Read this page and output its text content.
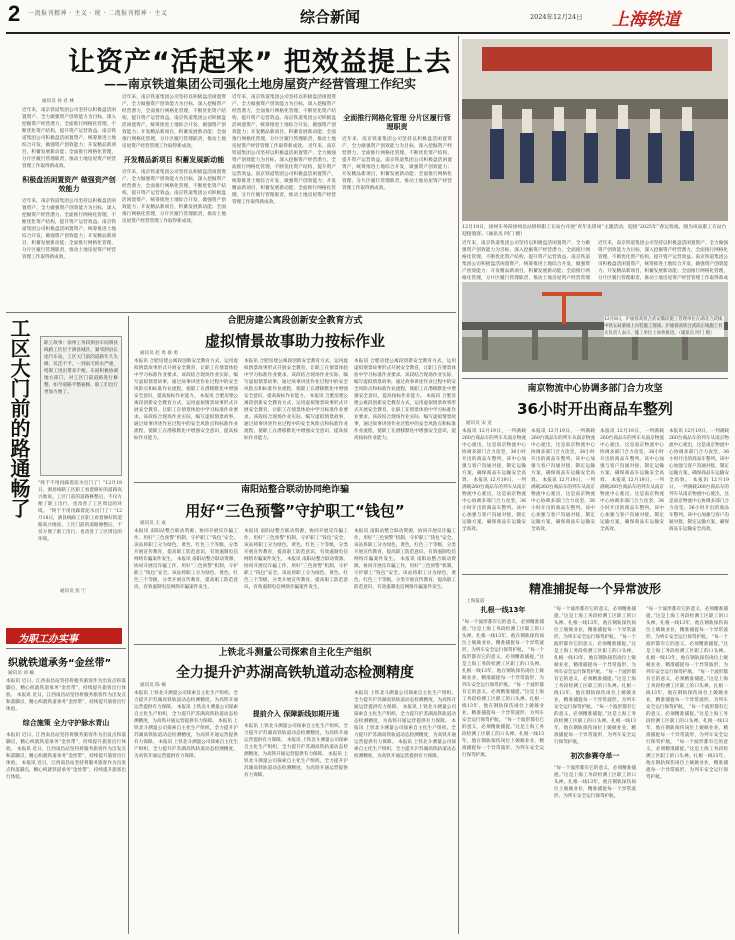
2 一流报刊精神 · 主义 · 统 · 二流报刊精神 · 主义	综合新闻	2024年12月24日 上海铁道
让资产“活起来” 把效益提上去
——南京铁道集团公司强化土地房屋资产经营管理工作纪实
通讯员 孙 君 林
近年来，南京铁道集团公司坚持以积极盘活闲置资产、全力做强资产创效能力为目标，深入挖掘资产经营潜力，全面推行网格化管理，不断优化资产结构，提升资产运营效益。南京铁道集团公司积极盘活闲置资产，统筹推进土地综合开发，做强资产创效能力；开发精品新项目，积蓄发展新动能；全面推行网格化管理，分片区履行管理职责，推动土地房屋资产经营管理工作取得新成效。
积极盘活闲置资产 做强资产创效能力
近年来，南京铁道集团公司坚持以积极盘活闲置资产、全力做强资产创效能力为目标，深入挖掘资产经营潜力，全面推行网格化管理，不断优化资产结构，提升资产运营效益。南京铁道集团公司积极盘活闲置资产，统筹推进土地综合开发，做强资产创效能力；开发精品新项目，积蓄发展新动能；全面推行网格化管理，分片区履行管理职责，推动土地房屋资产经营管理工作取得新成效。
近年来，南京铁道集团公司坚持以积极盘活闲置资产、全力做强资产创效能力为目标，深入挖掘资产经营潜力，全面推行网格化管理，不断优化资产结构，提升资产运营效益。南京铁道集团公司积极盘活闲置资产，统筹推进土地综合开发，做强资产创效能力；开发精品新项目，积蓄发展新动能；全面推行网格化管理，分片区履行管理职责，推动土地房屋资产经营管理工作取得新成效。
开发精品新项目 积蓄发展新动能
近年来，南京铁道集团公司坚持以积极盘活闲置资产、全力做强资产创效能力为目标，深入挖掘资产经营潜力，全面推行网格化管理，不断优化资产结构，提升资产运营效益。南京铁道集团公司积极盘活闲置资产，统筹推进土地综合开发，做强资产创效能力；开发精品新项目，积蓄发展新动能；全面推行网格化管理，分片区履行管理职责，推动土地房屋资产经营管理工作取得新成效。
近年来，南京铁道集团公司坚持以积极盘活闲置资产、全力做强资产创效能力为目标，深入挖掘资产经营潜力，全面推行网格化管理，不断优化资产结构，提升资产运营效益。南京铁道集团公司积极盘活闲置资产，统筹推进土地综合开发，做强资产创效能力；开发精品新项目，积蓄发展新动能；全面推行网格化管理，分片区履行管理职责，推动土地房屋资产经营管理工作取得新成效。 近年来，南京铁道集团公司坚持以积极盘活闲置资产、全力做强资产创效能力为目标，深入挖掘资产经营潜力，全面推行网格化管理，不断优化资产结构，提升资产运营效益。南京铁道集团公司积极盘活闲置资产，统筹推进土地综合开发，做强资产创效能力；开发精品新项目，积蓄发展新动能；全面推行网格化管理，分片区履行管理职责，推动土地房屋资产经营管理工作取得新成效。
全面推行网格化管理 分片区履行管理职责
近年来，南京铁道集团公司坚持以积极盘活闲置资产、全力做强资产创效能力为目标，深入挖掘资产经营潜力，全面推行网格化管理，不断优化资产结构，提升资产运营效益。南京铁道集团公司积极盘活闲置资产，统筹推进土地综合开发，做强资产创效能力；开发精品新项目，积蓄发展新动能；全面推行网格化管理，分片区履行管理职责，推动土地房屋资产经营管理工作取得新成效。
12月19日，徐州车务段徐州北站组织职工在站台开展“青年先锋岗”主题活动，迎接“2025年”春运客流。图为该站职工在站台迎接旅客。（通讯员 阿门 摄）
近年来，南京铁道集团公司坚持以积极盘活闲置资产、全力做强资产创效能力为目标，深入挖掘资产经营潜力，全面推行网格化管理，不断优化资产结构，提升资产运营效益。南京铁道集团公司积极盘活闲置资产，统筹推进土地综合开发，做强资产创效能力；开发精品新项目，积蓄发展新动能；全面推行网格化管理，分片区履行管理职责，推动土地房屋资产经营管理
近年来，南京铁道集团公司坚持以积极盘活闲置资产、全力做强资产创效能力为目标，深入挖掘资产经营潜力，全面推行网格化管理，不断优化资产结构，提升资产运营效益。南京铁道集团公司积极盘活闲置资产，统筹推进土地综合开发，做强资产创效能力；开发精品新项目，积蓄发展新动能；全面推行网格化管理，分片区履行管理职责，推动土地房屋资产经营管理工作取得新成
12月8日，沪渝蓉高铁合武安徽段施工管理单位在湖北合武线中铁五局梁场上吊装施工现场。沪渝蓉高铁合武段正线施工有关负责人表示，施工单位上加快推进。（通讯员 阿门 摄）
工区大门前的路通畅了	职工故事：徐州工务段泗县车间泗县线路工区位于泗县城区，紧邻泗县长途汽车站，工区大门前的道路年久失修、坑洼不平，一到雨天积水严重，给职工进出带来不便。车间积极协调地方部门，对工区门前道路进行修整，如今道路平整通畅，职工们出行更加方便了。
“终于不用再踩着泥水出门了！”12月18日，泗县线路工区职工看着修好的道路高兴地说。工区门前的道路修整后，不仅方便了职工出行，也改善了工区周边的环境。 “终于不用再踩着泥水出门了！”12月18日，泗县线路工区职工看着修好的道路高兴地说。工区门前的道路修整后，不仅方便了职工出行，也改善了工区周边的环境。
通讯员 张 宁
为职工办实事
合肥房建公寓段创新安全教育方式
虚拟情景故事助力按标作业
通讯员 赵 勇 蔡 勇
本报讯 合肥房建公寓段创新安全教育方式，运用虚拟情景故事形式开展安全教育，让职工在情景体验中学习标准作业要求。该段结合现场作业实际，编写虚拟情景故事，通过故事讲述作业过程中的安全风险点和标准作业流程，使职工在潜移默化中增强安全意识，提高按标作业能力。 本报讯 合肥房建公寓段创新安全教育方式，运用虚拟情景故事形式开展安全教育，让职工在情景体验中学习标准作业要求。该段结合现场作业实际，编写虚拟情景故事，通过故事讲述作业过程中的安全风险点和标准作业流程，使职工在潜移默化中增强安全意识，提高按标作业能力。
本报讯 合肥房建公寓段创新安全教育方式，运用虚拟情景故事形式开展安全教育，让职工在情景体验中学习标准作业要求。该段结合现场作业实际，编写虚拟情景故事，通过故事讲述作业过程中的安全风险点和标准作业流程，使职工在潜移默化中增强安全意识，提高按标作业能力。 本报讯 合肥房建公寓段创新安全教育方式，运用虚拟情景故事形式开展安全教育，让职工在情景体验中学习标准作业要求。该段结合现场作业实际，编写虚拟情景故事，通过故事讲述作业过程中的安全风险点和标准作业流程，使职工在潜移默化中增强安全意识，提高按标作业能力。
本报讯 合肥房建公寓段创新安全教育方式，运用虚拟情景故事形式开展安全教育，让职工在情景体验中学习标准作业要求。该段结合现场作业实际，编写虚拟情景故事，通过故事讲述作业过程中的安全风险点和标准作业流程，使职工在潜移默化中增强安全意识，提高按标作业能力。 本报讯 合肥房建公寓段创新安全教育方式，运用虚拟情景故事形式开展安全教育，让职工在情景体验中学习标准作业要求。该段结合现场作业实际，编写虚拟情景故事，通过故事讲述作业过程中的安全风险点和标准作业流程，使职工在潜移默化中增强安全意识，提高按标作业能力。
南阳站整合联动协同绝诈骗
用好“三色预警”守护职工“钱包”
通讯员 王 成
本报讯 南阳站整合联动资源，协同开展反诈骗工作，用好“三色预警”机制，守护职工“钱包”安全。该站将职工分为绿色、黄色、红色三个等级，分类开展宣传教育，提高职工防范意识，有效遏制电信网络诈骗案件发生。 本报讯 南阳站整合联动资源，协同开展反诈骗工作，用好“三色预警”机制，守护职工“钱包”安全。该站将职工分为绿色、黄色、红色三个等级，分类开展宣传教育，提高职工防范意识，有效遏制电信网络诈骗案件发生。
本报讯 南阳站整合联动资源，协同开展反诈骗工作，用好“三色预警”机制，守护职工“钱包”安全。该站将职工分为绿色、黄色、红色三个等级，分类开展宣传教育，提高职工防范意识，有效遏制电信网络诈骗案件发生。 本报讯 南阳站整合联动资源，协同开展反诈骗工作，用好“三色预警”机制，守护职工“钱包”安全。该站将职工分为绿色、黄色、红色三个等级，分类开展宣传教育，提高职工防范意识，有效遏制电信网络诈骗案件发生。
本报讯 南阳站整合联动资源，协同开展反诈骗工作，用好“三色预警”机制，守护职工“钱包”安全。该站将职工分为绿色、黄色、红色三个等级，分类开展宣传教育，提高职工防范意识，有效遏制电信网络诈骗案件发生。 本报讯 南阳站整合联动资源，协同开展反诈骗工作，用好“三色预警”机制，守护职工“钱包”安全。该站将职工分为绿色、黄色、红色三个等级，分类开展宣传教育，提高职工防范意识，有效遏制电信网络诈骗案件发生。
上铁北斗测量公司探索自主化生产组织
全力提升沪苏湖高铁轨道动态检测精度
通讯员 陈 楠
本报讯 上铁北斗测量公司探索自主化生产组织，全力提升沪苏湖高铁轨道动态检测精度，为高铁开通运营提供有力保障。 本报讯 上铁北斗测量公司探索自主化生产组织，全力提升沪苏湖高铁轨道动态检测精度，为高铁开通运营提供有力保障。 本报讯 上铁北斗测量公司探索自主化生产组织，全力提升沪苏湖高铁轨道动态检测精度，为高铁开通运营提供有力保障。 本报讯 上铁北斗测量公司探索自主化生产组织，全力提升沪苏湖高铁轨道动态检测精度，为高铁开通运营提供有力保障。
提前介入 保障新线如期开通
本报讯 上铁北斗测量公司探索自主化生产组织，全力提升沪苏湖高铁轨道动态检测精度，为高铁开通运营提供有力保障。 本报讯 上铁北斗测量公司探索自主化生产组织，全力提升沪苏湖高铁轨道动态检测精度，为高铁开通运营提供有力保障。 本报讯 上铁北斗测量公司探索自主化生产组织，全力提升沪苏湖高铁轨道动态检测精度，为高铁开通运营提供有力保障。
本报讯 上铁北斗测量公司探索自主化生产组织，全力提升沪苏湖高铁轨道动态检测精度，为高铁开通运营提供有力保障。 本报讯 上铁北斗测量公司探索自主化生产组织，全力提升沪苏湖高铁轨道动态检测精度，为高铁开通运营提供有力保障。 本报讯 上铁北斗测量公司探索自主化生产组织，全力提升沪苏湖高铁轨道动态检测精度，为高铁开通运营提供有力保障。 本报讯 上铁北斗测量公司探索自主化生产组织，全力提升沪苏湖高铁轨道动态检测精度，为高铁开通运营提供有力保障。
织就铁道承务“金丝带”
通讯员 刘 楠
本报讯 近日，江西南昌站坚持将服务旅客作为出发点和落脚点，精心织就铁道承务“金丝带”，持续提升旅客出行体验。 本报讯 近日，江西南昌站坚持将服务旅客作为出发点和落脚点，精心织就铁道承务“金丝带”，持续提升旅客出行体验。
综合施策 全力守护脉水青山
本报讯 近日，江西南昌站坚持将服务旅客作为出发点和落脚点，精心织就铁道承务“金丝带”，持续提升旅客出行体验。 本报讯 近日，江西南昌站坚持将服务旅客作为出发点和落脚点，精心织就铁道承务“金丝带”，持续提升旅客出行体验。 本报讯 近日，江西南昌站坚持将服务旅客作为出发点和落脚点，精心织就铁道承务“金丝带”，持续提升旅客出行体验。
南京物流中心协调多部门合力攻坚
36小时开出商品车整列
通讯员 宋 龙
本报讯 12月19日，一列满载260台商品车的列车从南京物流中心驶出，这是南京物流中心协调多部门合力攻坚，36小时开出的商品车整列。该中心加强与客户沟通对接，制定运输方案，确保商品车运输安全高效。 本报讯 12月19日，一列满载260台商品车的列车从南京物流中心驶出，这是南京物流中心协调多部门合力攻坚，36小时开出的商品车整列。该中心加强与客户沟通对接，制定运输方案，确保商品车运输安全高效。
本报讯 12月19日，一列满载260台商品车的列车从南京物流中心驶出，这是南京物流中心协调多部门合力攻坚，36小时开出的商品车整列。该中心加强与客户沟通对接，制定运输方案，确保商品车运输安全高效。 本报讯 12月19日，一列满载260台商品车的列车从南京物流中心驶出，这是南京物流中心协调多部门合力攻坚，36小时开出的商品车整列。该中心加强与客户沟通对接，制定运输方案，确保商品车运输安全高效。
本报讯 12月19日，一列满载260台商品车的列车从南京物流中心驶出，这是南京物流中心协调多部门合力攻坚，36小时开出的商品车整列。该中心加强与客户沟通对接，制定运输方案，确保商品车运输安全高效。 本报讯 12月19日，一列满载260台商品车的列车从南京物流中心驶出，这是南京物流中心协调多部门合力攻坚，36小时开出的商品车整列。该中心加强与客户沟通对接，制定运输方案，确保商品车运输安全高效。
本报讯 12月19日，一列满载260台商品车的列车从南京物流中心驶出，这是南京物流中心协调多部门合力攻坚，36小时开出的商品车整列。该中心加强与客户沟通对接，制定运输方案，确保商品车运输安全高效。 本报讯 12月19日，一列满载260台商品车的列车从南京物流中心驶出，这是南京物流中心协调多部门合力攻坚，36小时开出的商品车整列。该中心加强与客户沟通对接，制定运输方案，确保商品车运输安全高效。
精准捕捉每一个异常波形
上海报道
扎根一线13年
“每一个波形都有它的意义，必须精准捕捉。”这是上海工务段检测工区职工的口头禅。扎根一线13年，他在钢轨探伤岗位上兢兢业业，精准捕捉每一个异常波形，为列车安全运行保驾护航。 “每一个波形都有它的意义，必须精准捕捉。”这是上海工务段检测工区职工的口头禅。扎根一线13年，他在钢轨探伤岗位上兢兢业业，精准捕捉每一个异常波形，为列车安全运行保驾护航。 “每一个波形都有它的意义，必须精准捕捉。”这是上海工务段检测工区职工的口头禅。扎根一线13年，他在钢轨探伤岗位上兢兢业业，精准捕捉每一个异常波形，为列车安全运行保驾护航。 “每一个波形都有它的意义，必须精准捕捉。”这是上海工务段检测工区职工的口头禅。扎根一线13年，他在钢轨探伤岗位上兢兢业业，精准捕捉每一个异常波形，为列车安全运行保驾护航。
“每一个波形都有它的意义，必须精准捕捉。”这是上海工务段检测工区职工的口头禅。扎根一线13年，他在钢轨探伤岗位上兢兢业业，精准捕捉每一个异常波形，为列车安全运行保驾护航。 “每一个波形都有它的意义，必须精准捕捉。”这是上海工务段检测工区职工的口头禅。扎根一线13年，他在钢轨探伤岗位上兢兢业业，精准捕捉每一个异常波形，为列车安全运行保驾护航。 “每一个波形都有它的意义，必须精准捕捉。”这是上海工务段检测工区职工的口头禅。扎根一线13年，他在钢轨探伤岗位上兢兢业业，精准捕捉每一个异常波形，为列车安全运行保驾护航。 “每一个波形都有它的意义，必须精准捕捉。”这是上海工务段检测工区职工的口头禅。扎根一线13年，他在钢轨探伤岗位上兢兢业业，精准捕捉每一个异常波形，为列车安全运行保驾护航。
初次参赛夺单一
“每一个波形都有它的意义，必须精准捕捉。”这是上海工务段检测工区职工的口头禅。扎根一线13年，他在钢轨探伤岗位上兢兢业业，精准捕捉每一个异常波形，为列车安全运行保驾护航。
“每一个波形都有它的意义，必须精准捕捉。”这是上海工务段检测工区职工的口头禅。扎根一线13年，他在钢轨探伤岗位上兢兢业业，精准捕捉每一个异常波形，为列车安全运行保驾护航。 “每一个波形都有它的意义，必须精准捕捉。”这是上海工务段检测工区职工的口头禅。扎根一线13年，他在钢轨探伤岗位上兢兢业业，精准捕捉每一个异常波形，为列车安全运行保驾护航。 “每一个波形都有它的意义，必须精准捕捉。”这是上海工务段检测工区职工的口头禅。扎根一线13年，他在钢轨探伤岗位上兢兢业业，精准捕捉每一个异常波形，为列车安全运行保驾护航。 “每一个波形都有它的意义，必须精准捕捉。”这是上海工务段检测工区职工的口头禅。扎根一线13年，他在钢轨探伤岗位上兢兢业业，精准捕捉每一个异常波形，为列车安全运行保驾护航。 “每一个波形都有它的意义，必须精准捕捉。”这是上海工务段检测工区职工的口头禅。扎根一线13年，他在钢轨探伤岗位上兢兢业业，精准捕捉每一个异常波形，为列车安全运行保驾护航。
